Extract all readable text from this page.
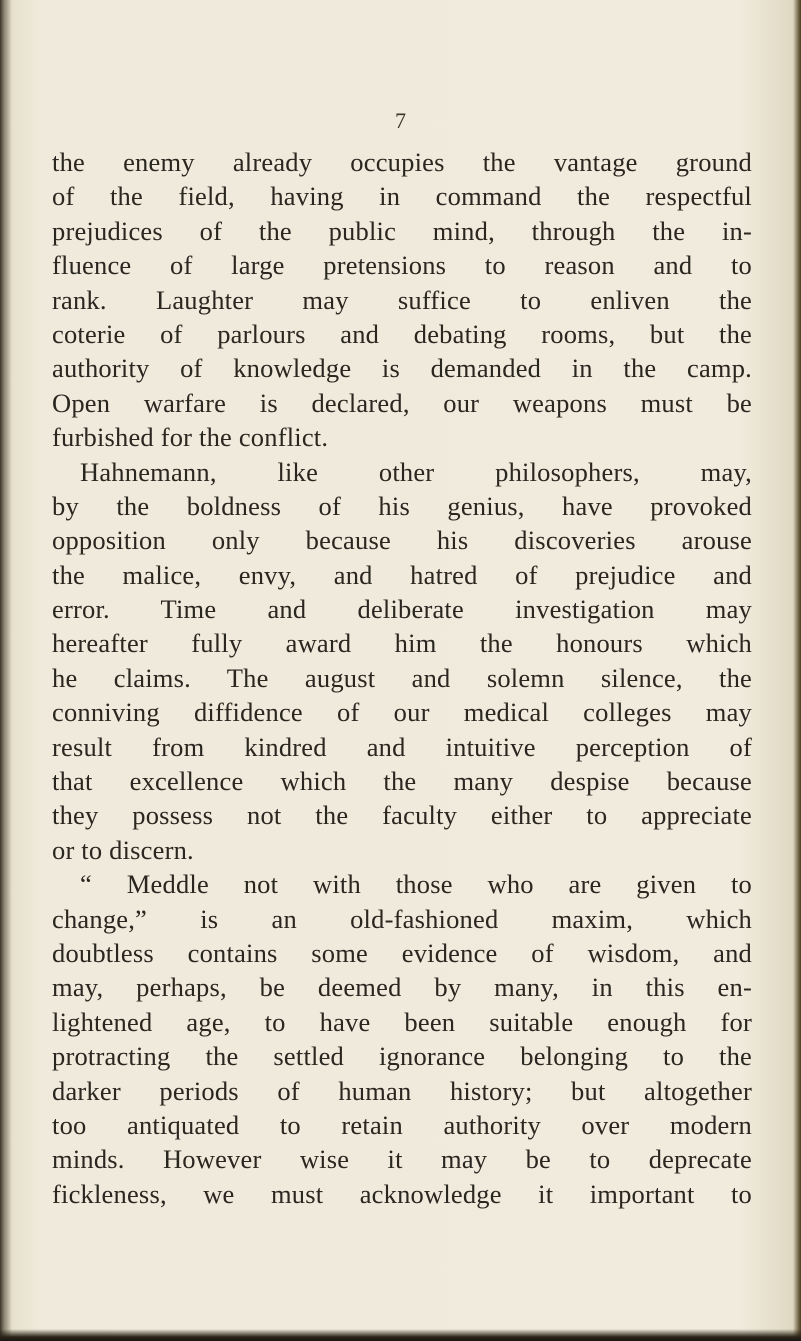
7
the enemy already occupies the vantage ground
of the field, having in command the respectful
prejudices of the public mind, through the in-
fluence of large pretensions to reason and to
rank. Laughter may suffice to enliven the
coterie of parlours and debating rooms, but the
authority of knowledge is demanded in the camp.
Open warfare is declared, our weapons must be
furbished for the conflict.
Hahnemann, like other philosophers, may,
by the boldness of his genius, have provoked
opposition only because his discoveries arouse
the malice, envy, and hatred of prejudice and
error. Time and deliberate investigation may
hereafter fully award him the honours which
he claims. The august and solemn silence, the
conniving diffidence of our medical colleges may
result from kindred and intuitive perception of
that excellence which the many despise because
they possess not the faculty either to appreciate
or to discern.
“ Meddle not with those who are given to
change,” is an old-fashioned maxim, which
doubtless contains some evidence of wisdom, and
may, perhaps, be deemed by many, in this en-
lightened age, to have been suitable enough for
protracting the settled ignorance belonging to the
darker periods of human history; but altogether
too antiquated to retain authority over modern
minds. However wise it may be to deprecate
fickleness, we must acknowledge it important to
